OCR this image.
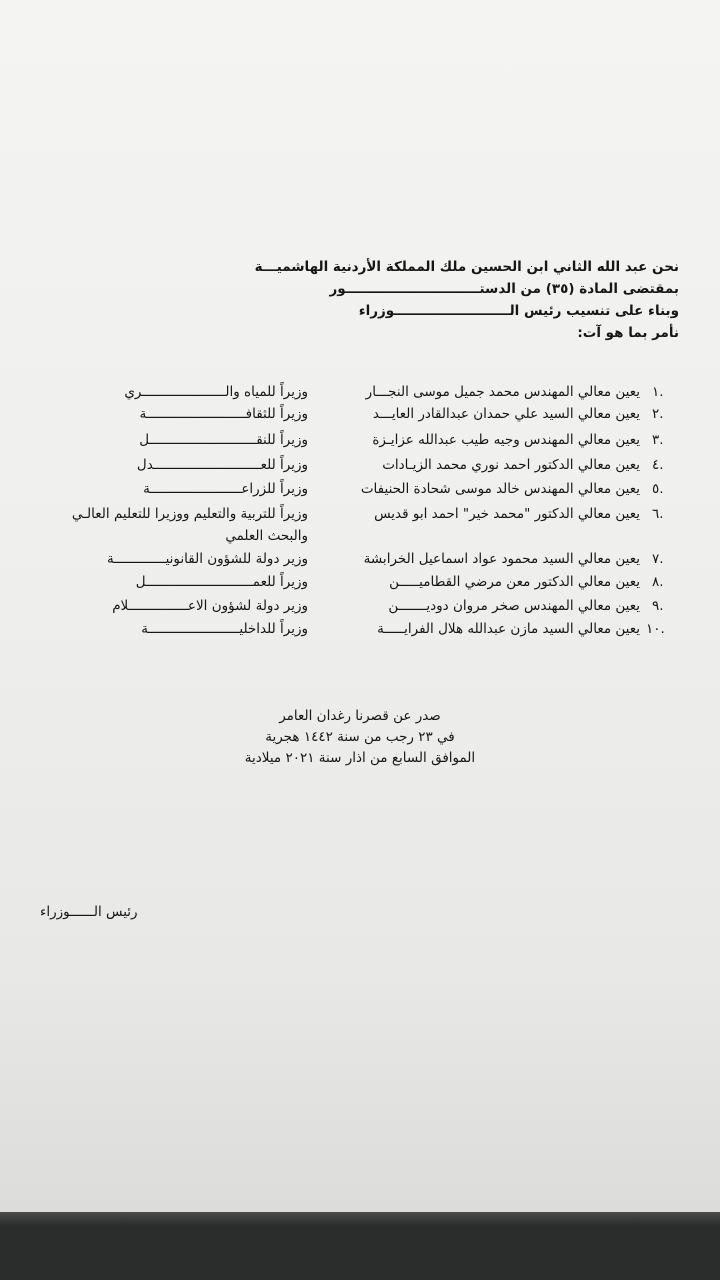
نحن عبد الله الثاني ابن الحسين ملك المملكة الأردنية الهاشميـــة
بمقتضى المادة (٣٥) من الدستـــــــــــــــــــــــــــــور
وبناء على تنسيب رئيس الـــــــــــــــــــــــــوزراء
نأمر بما هو آت:
١.
يعين معالي المهندس محمد جميل موسى النجـــار
وزيراً للمياه والـــــــــــــــــــــري
٢.
يعين معالي السيد علي حمدان عبدالقادر العايـــد
وزيراً للثقافـــــــــــــــــــــــــة
٣.
يعين معالي المهندس وجيه طيب عبدالله عزايـزة
وزيراً للنقـــــــــــــــــــــــــــل
٤.
يعين معالي الدكتور احمد نوري محمد الزيـادات
وزيراً للعـــــــــــــــــــــــــــدل
٥.
يعين معالي المهندس خالد موسى شحادة الحنيفات
وزيراً للزراعـــــــــــــــــــــــة
٦.
يعين معالي الدكتور "محمد خير" احمد ابو قديس
وزيراً للتربية والتعليم ووزيرا للتعليم العالـي
والبحث العلمي
٧.
يعين معالي السيد محمود عواد اسماعيل الخرابشة
وزير دولة للشؤون القانونيـــــــــــــة
٨.
يعين معالي الدكتور معن مرضي القطاميـــــن
وزيراً للعمـــــــــــــــــــــــــــل
٩.
يعين معالي المهندس صخر مروان دوديـــــــن
وزير دولة لشؤون الاعـــــــــــــــلام
١٠.
يعين معالي السيد مازن عبدالله هلال الفرايـــــة
وزيراً للداخليـــــــــــــــــــــــة
صدر عن قصرنا رغدان العامر
في ٢٣ رجب من سنة ١٤٤٢ هجرية
الموافق السابع من اذار سنة ٢٠٢١ ميلادية
رئيس الــــــوزراء
